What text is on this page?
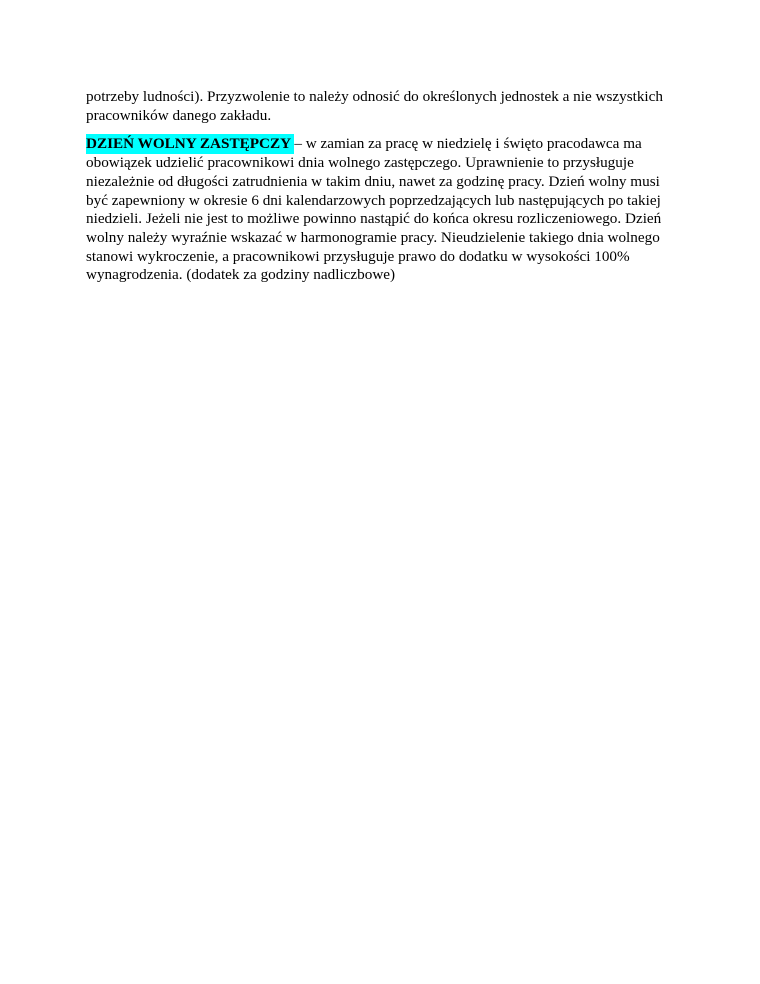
potrzeby ludności). Przyzwolenie to należy odnosić do określonych jednostek a nie wszystkich pracowników danego zakładu.

DZIEŃ WOLNY ZASTĘPCZY – w zamian za pracę w niedzielę i święto pracodawca ma obowiązek udzielić pracownikowi dnia wolnego zastępczego. Uprawnienie to przysługuje niezależnie od długości zatrudnienia w takim dniu, nawet za godzinę pracy. Dzień wolny musi być zapewniony w okresie 6 dni kalendarzowych poprzedzających lub następujących po takiej niedzieli. Jeżeli nie jest to możliwe powinno nastąpić do końca okresu rozliczeniowego. Dzień wolny należy wyraźnie wskazać w harmonogramie pracy. Nieudzielenie takiego dnia wolnego stanowi wykroczenie, a pracownikowi przysługuje prawo do dodatku w wysokości 100% wynagrodzenia. (dodatek za godziny nadliczbowe)
